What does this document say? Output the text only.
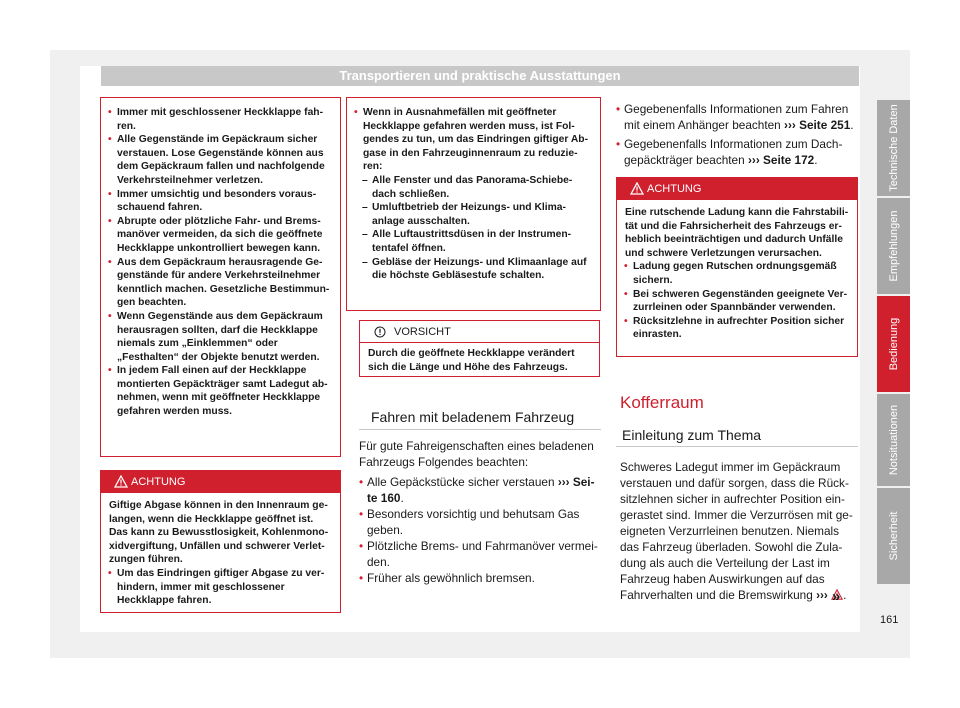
Transportieren und praktische Ausstattungen
• Immer mit geschlossener Heckklappe fahren.
• Alle Gegenstände im Gepäckraum sicher verstauen. Lose Gegenstände können aus dem Gepäckraum fallen und nachfolgende Verkehrsteilnehmer verletzen.
• Immer umsichtig und besonders vorausschauend fahren.
• Abrupte oder plötzliche Fahr- und Bremsmanöver vermeiden, da sich die geöffnete Heckklappe unkontrolliert bewegen kann.
• Aus dem Gepäckraum herausragende Gegenstände für andere Verkehrsteilnehmer kenntlich machen. Gesetzliche Bestimmungen beachten.
• Wenn Gegenstände aus dem Gepäckraum herausragen sollten, darf die Heckklappe niemals zum „Einklemmen“ oder „Festhalten“ der Objekte benutzt werden.
• In jedem Fall einen auf der Heckklappe montierten Gepäckträger samt Ladegut abnehmen, wenn mit geöffneter Heckklappe gefahren werden muss.
ACHTUNG
Giftige Abgase können in den Innenraum gelangen, wenn die Heckklappe geöffnet ist. Das kann zu Bewusstlosigkeit, Kohlenmonoxidvergiftung, Unfällen und schwerer Verletzungen führen.
• Um das Eindringen giftiger Abgase zu verhindern, immer mit geschlossener Heckklappe fahren.
• Wenn in Ausnahmefällen mit geöffneter Heckklappe gefahren werden muss, ist Folgendes zu tun, um das Eindringen giftiger Abgase in den Fahrzeuginnenraum zu reduzieren:
– Alle Fenster und das Panorama-Schiebedach schließen.
– Umluftbetrieb der Heizungs- und Klimaanlage ausschalten.
– Alle Luftaustrittsdüsen in der Instrumententafel öffnen.
– Gebläse der Heizungs- und Klimaanlage auf die höchste Gebläsestufe schalten.
VORSICHT
Durch die geöffnete Heckklappe verändert sich die Länge und Höhe des Fahrzeugs.
Fahren mit beladenem Fahrzeug
Für gute Fahreigenschaften eines beladenen Fahrzeugs Folgendes beachten:
• Alle Gepäckstücke sicher verstauen ››› Seite 160.
• Besonders vorsichtig und behutsam Gas geben.
• Plötzliche Brems- und Fahrmanöver vermeiden.
• Früher als gewöhnlich bremsen.
• Gegebenenfalls Informationen zum Fahren mit einem Anhänger beachten ››› Seite 251.
• Gegebenenfalls Informationen zum Dachgepäckträger beachten ››› Seite 172.
ACHTUNG
Eine rutschende Ladung kann die Fahrstabilität und die Fahrsicherheit des Fahrzeugs erheblich beeinträchtigen und dadurch Unfälle und schwere Verletzungen verursachen.
• Ladung gegen Rutschen ordnungsgemäß sichern.
• Bei schweren Gegenständen geeignete Verzurrleinen oder Spannbänder verwenden.
• Rücksitzlehne in aufrechter Position sicher einrasten.
Kofferraum
Einleitung zum Thema
Schweres Ladegut immer im Gepäckraum verstauen und dafür sorgen, dass die Rücksitzlehnen sicher in aufrechter Position eingerastet sind. Immer die Verzurrösen mit geeigneten Verzurrleinen benutzen. Niemals das Fahrzeug überladen. Sowohl die Zuladung als auch die Verteilung der Last im Fahrzeug haben Auswirkungen auf das Fahrverhalten und die Bremswirkung ››› .
»
Technische Daten
Empfehlungen
Bedienung
Notsituationen
Sicherheit
161
